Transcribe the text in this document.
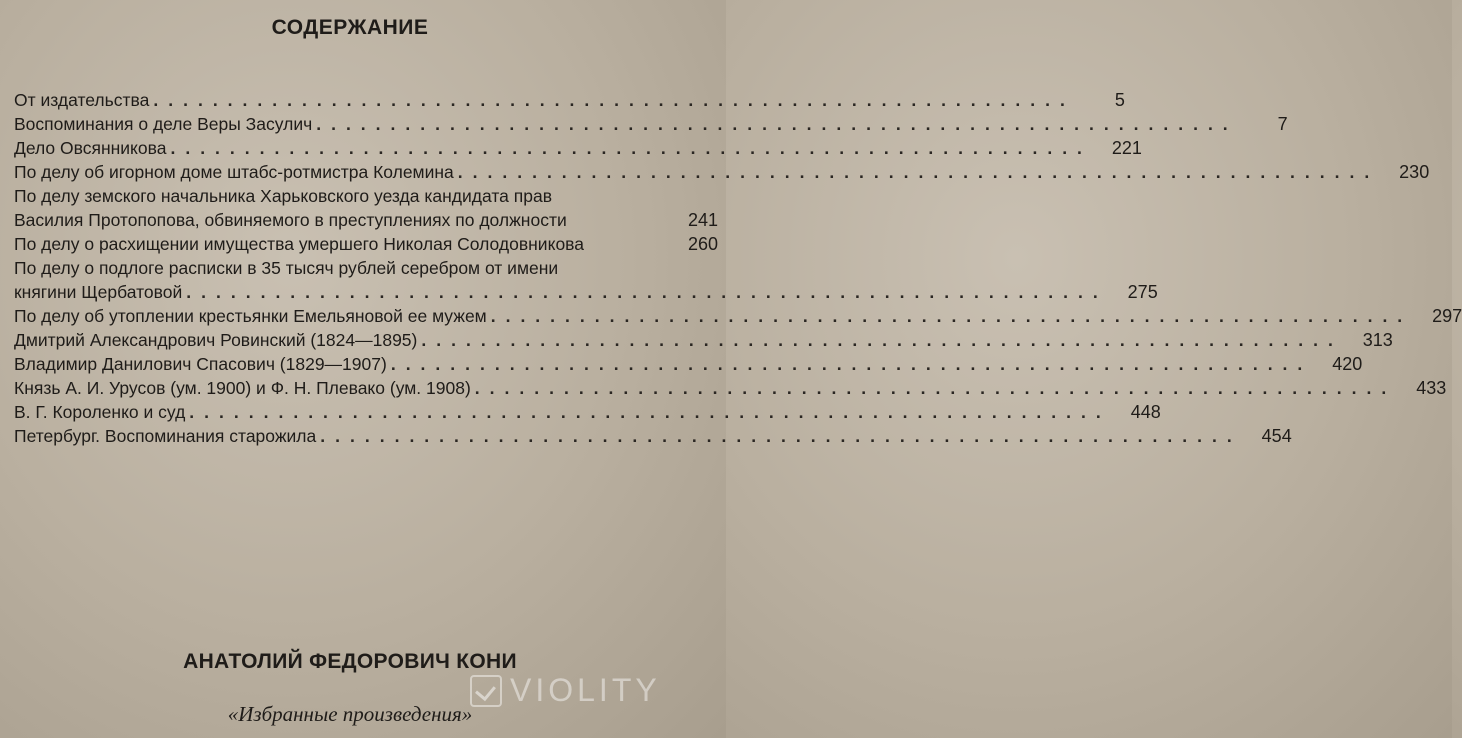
СОДЕРЖАНИЕ
От издательства ..............................................................	5
Воспоминания о деле Веры Засулич ..............................................................	7
Дело Овсянникова ..............................................................	221
По делу об игорном доме штабс-ротмистра Колемина ..............................................................	230
По делу земского начальника Харьковского уезда кандидата прав
Василия Протопопова, обвиняемого в преступлениях по должности	241
По делу о расхищении имущества умершего Николая Солодовникова	260
По делу о подлоге расписки в 35 тысяч рублей серебром от имени
княгини Щербатовой ..............................................................	275
По делу об утоплении крестьянки Емельяновой ее мужем ..............................................................	297
Дмитрий Александрович Ровинский (1824—1895) ..............................................................	313
Владимир Данилович Спасович (1829—1907) ..............................................................	420
Князь А. И. Урусов (ум. 1900) и Ф. Н. Плевако (ум. 1908) ..............................................................	433
В. Г. Короленко и суд ..............................................................	448
Петербург. Воспоминания старожила ..............................................................	454
АНАТОЛИЙ ФЕДОРОВИЧ КОНИ
«Избранные произведения»
VIOLITY
